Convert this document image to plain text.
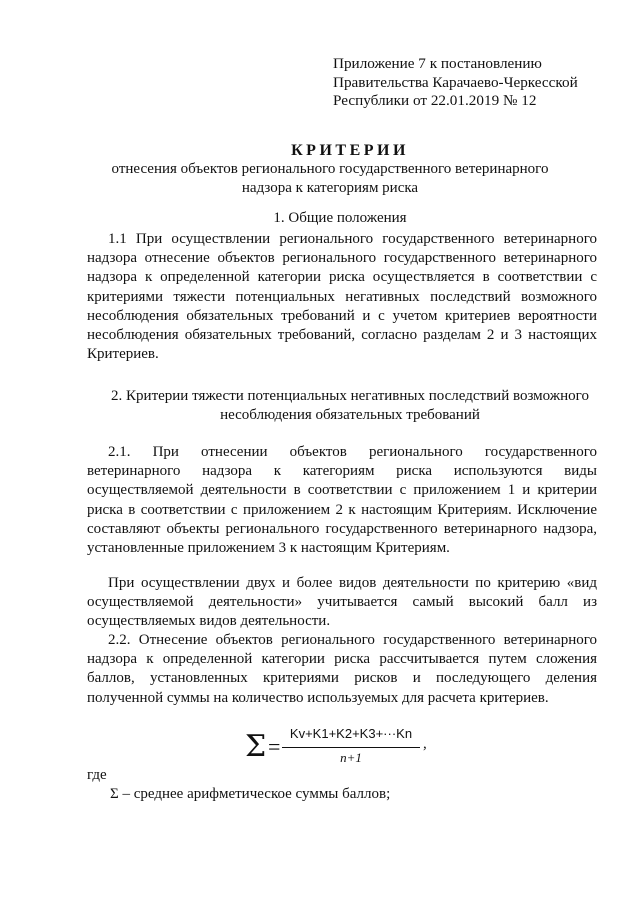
Приложение 7 к постановлению
Правительства Карачаево-Черкесской
Республики от 22.01.2019 № 12
КРИТЕРИИ
отнесения объектов регионального государственного ветеринарного надзора к категориям риска
1. Общие положения
1.1 При осуществлении регионального государственного ветеринарного надзора отнесение объектов регионального государственного ветеринарного надзора к определенной категории риска осуществляется в соответствии с критериями тяжести потенциальных негативных последствий возможного несоблюдения обязательных требований и с учетом критериев вероятности несоблюдения обязательных требований, согласно разделам 2 и 3 настоящих Критериев.
2. Критерии тяжести потенциальных негативных последствий возможного несоблюдения обязательных требований
2.1. При отнесении объектов регионального государственного ветеринарного надзора к категориям риска используются виды осуществляемой деятельности в соответствии с приложением 1 и критерии риска в соответствии с приложением 2 к настоящим Критериям. Исключение составляют объекты регионального государственного ветеринарного надзора, установленные приложением 3 к настоящим Критериям.
При осуществлении двух и более видов деятельности по критерию «вид осуществляемой деятельности» учитывается самый высокий балл из осуществляемых видов деятельности.
2.2. Отнесение объектов регионального государственного ветеринарного надзора к определенной категории риска рассчитывается путем сложения баллов, установленных критериями рисков и последующего деления полученной суммы на количество используемых для расчета критериев.
Σ =
Kv+K1+K2+K3+···Kn
n+1
,
где
Σ – среднее арифметическое суммы баллов;
